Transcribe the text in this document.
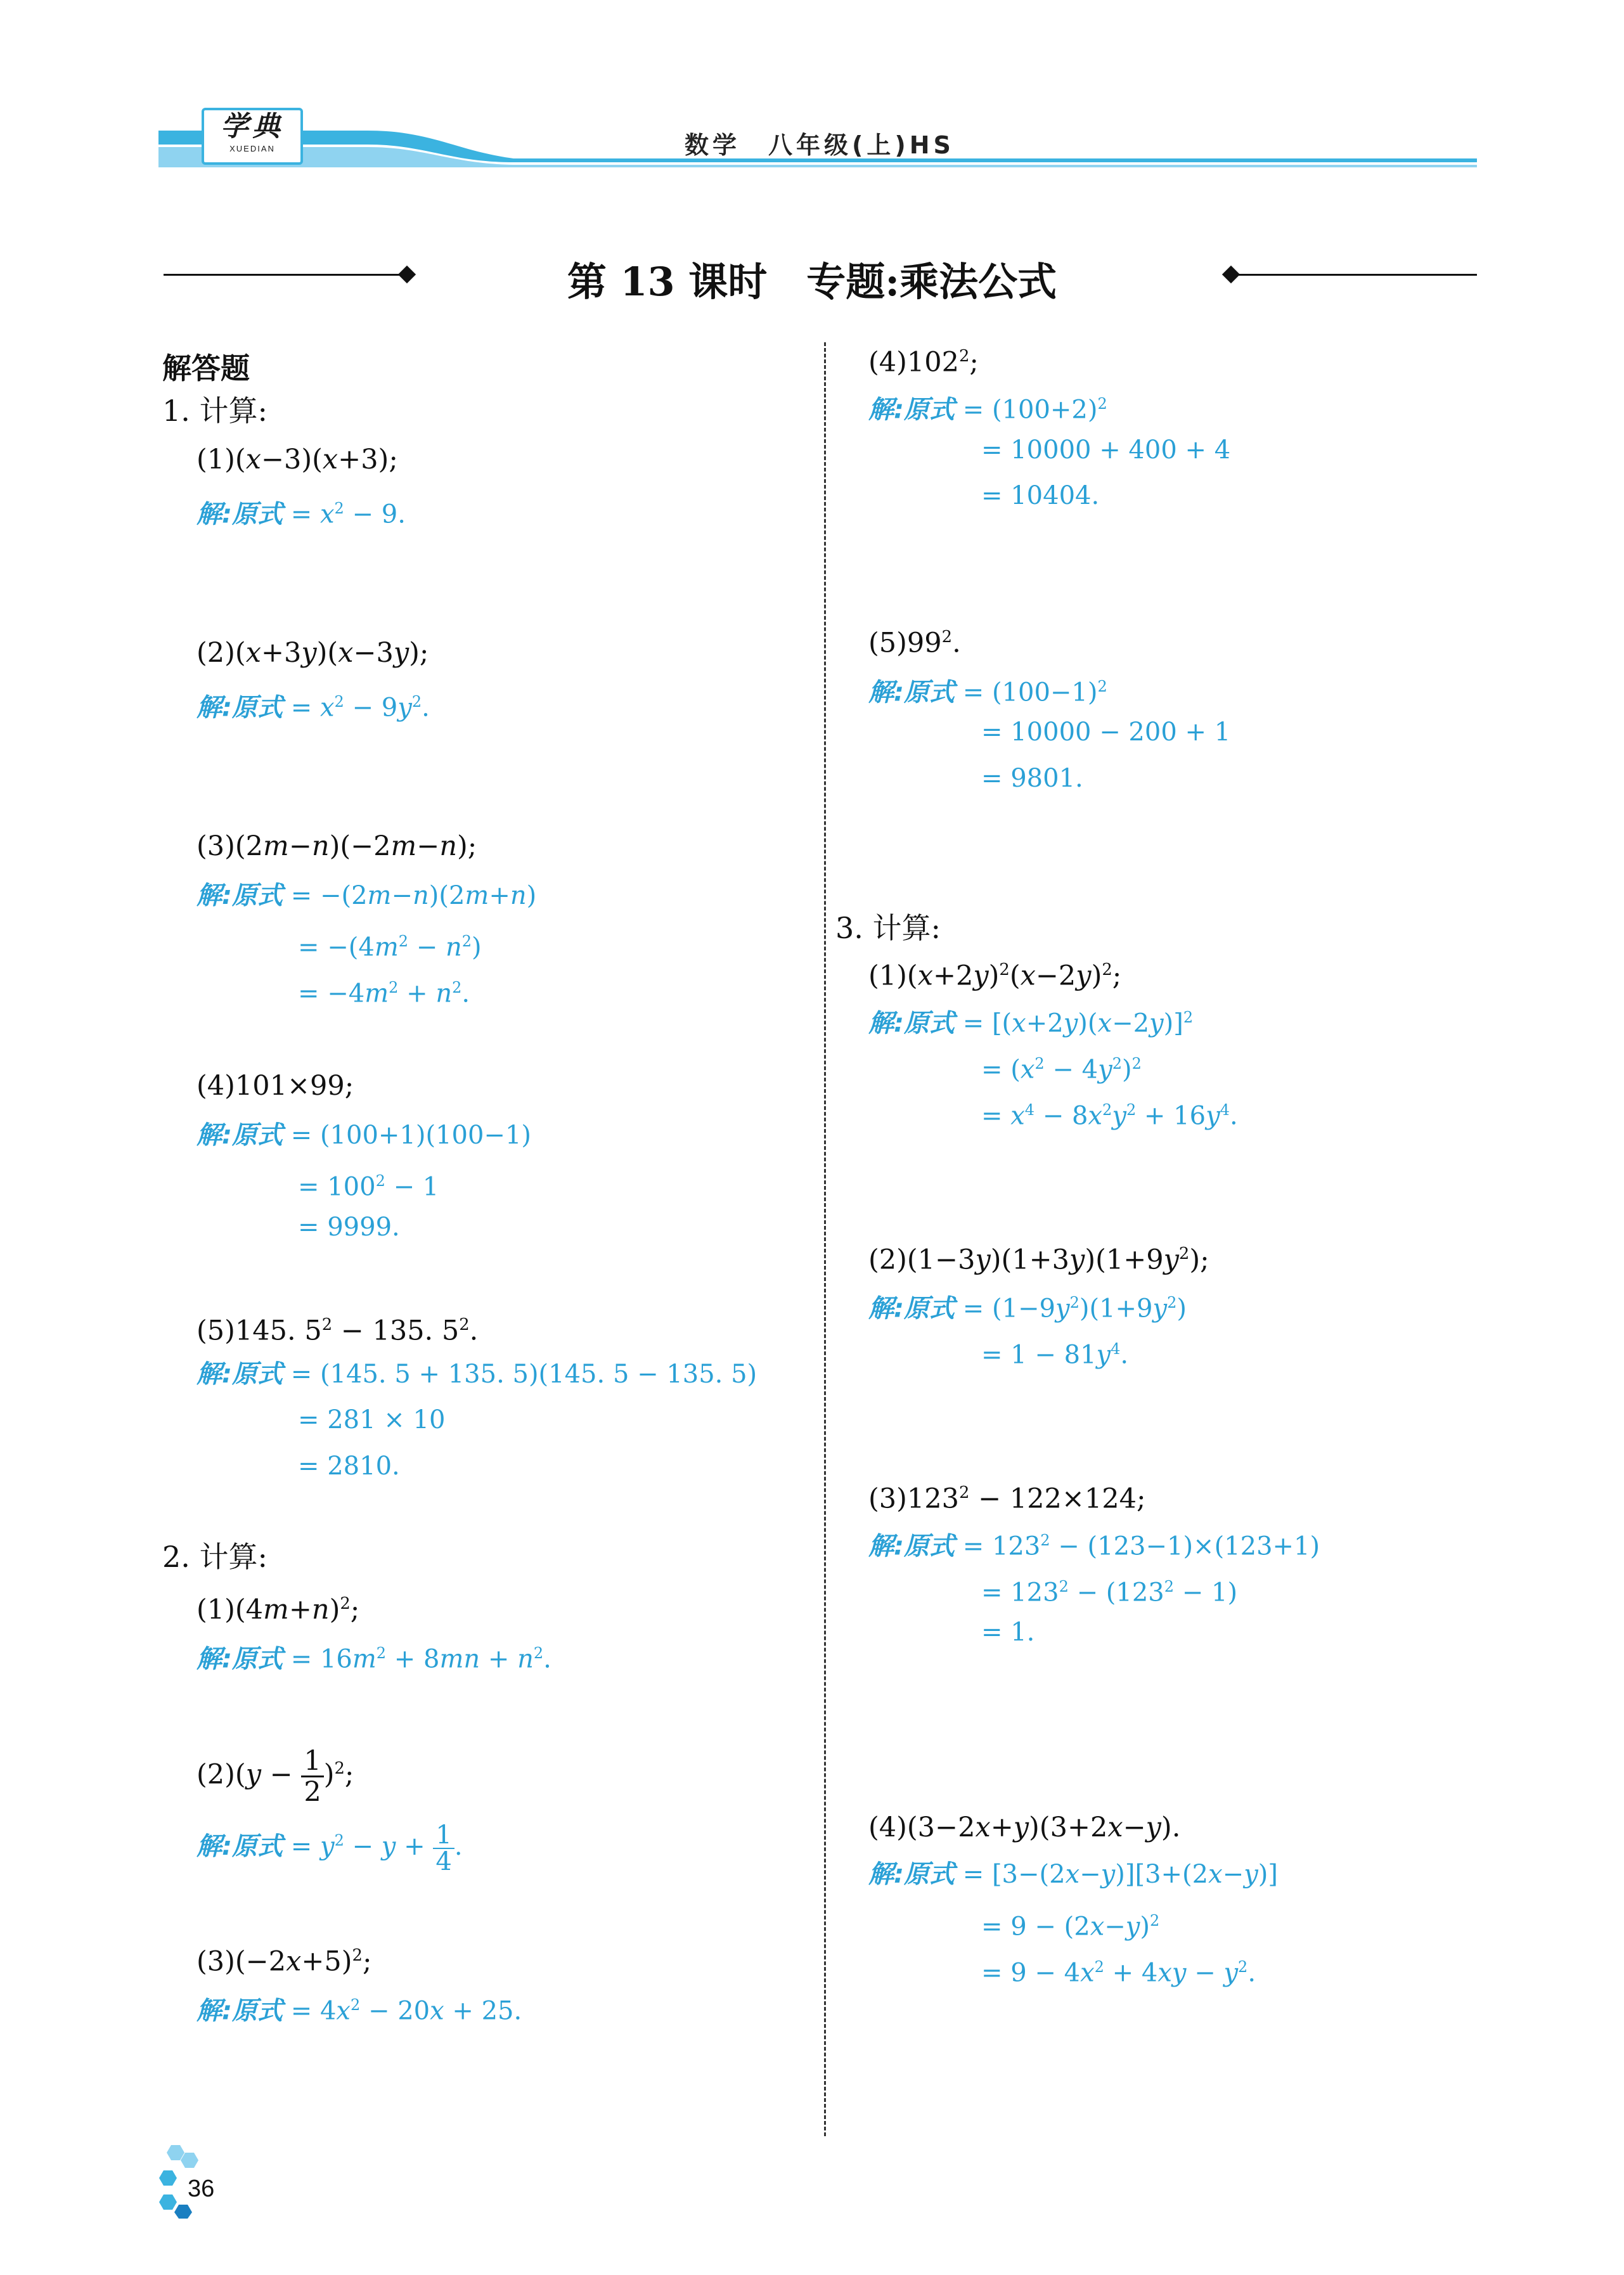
学典
XUEDIAN	数学　八年级(上)HS
第 13 课时　专题:乘法公式
解答题
1. 计算:
(1)(x−3)(x+3);
解:原式 = $x^2 - 9$.
(2)(x+3y)(x−3y);
解:原式 = $x^2 - 9y^2$.
(3)(2m−n)(−2m−n);
解:原式 = −(2m−n)(2m+n)
= $-(4m^2 - n^2)$
= $-4m^2 + n^2$.
(4)101×99;
解:原式 = (100+1)(100−1)
= $100^2 - 1$
= 9999.
(5)145. $5^2 - 135$. $5^2$.
解:原式 = (145. 5 + 135. 5)(145. 5 − 135. 5)
= 281 × 10
= 2810.
2. 计算:
$(1)(4m+n)^2$;
解:原式 = $16m^2 + 8mn + n^2$.
$(2)(y - \frac{1}{2} )^2$;
解:原式 = $y^2 - y + \frac{1}{4}$ .
$(3)(-2x+5)^2$;
解:原式 = $4x^2 - 20x + 25$.
$(4)102^2$;
解:原式 = $(100+2)^2$
= 10000 + 400 + 4
= 10404.
$(5)99^2$.
解:原式 = $(100-1)^2$
= 10000 − 200 + 1
= 9801.
3. 计算:
$(1)(x+2y)^2(x-2y)^2$;
解:原式 = $[(x+2y)(x-2y)]^2$
= $(x^2 - 4y^2)^2$
= $x^4 - 8x^2y^2 + 16y^4$.
$(2)(1-3y)(1+3y)(1+9y^2)$;
解:原式 = $(1-9y^2)(1+9y^2)$
= $1 - 81y^4$.
$(3)123^2 - 122\times 124$;
解:原式 = $123^2 - (123-1)\times(123+1)$
= $123^2 - (123^2 - 1)$
= 1.
(4)(3−2x+y)(3+2x−y).
解:原式 = [3−(2x−y)][3+(2x−y)]
= $9 - (2x-y)^2$
= $9 - 4x^2 + 4xy - y^2$.
36
